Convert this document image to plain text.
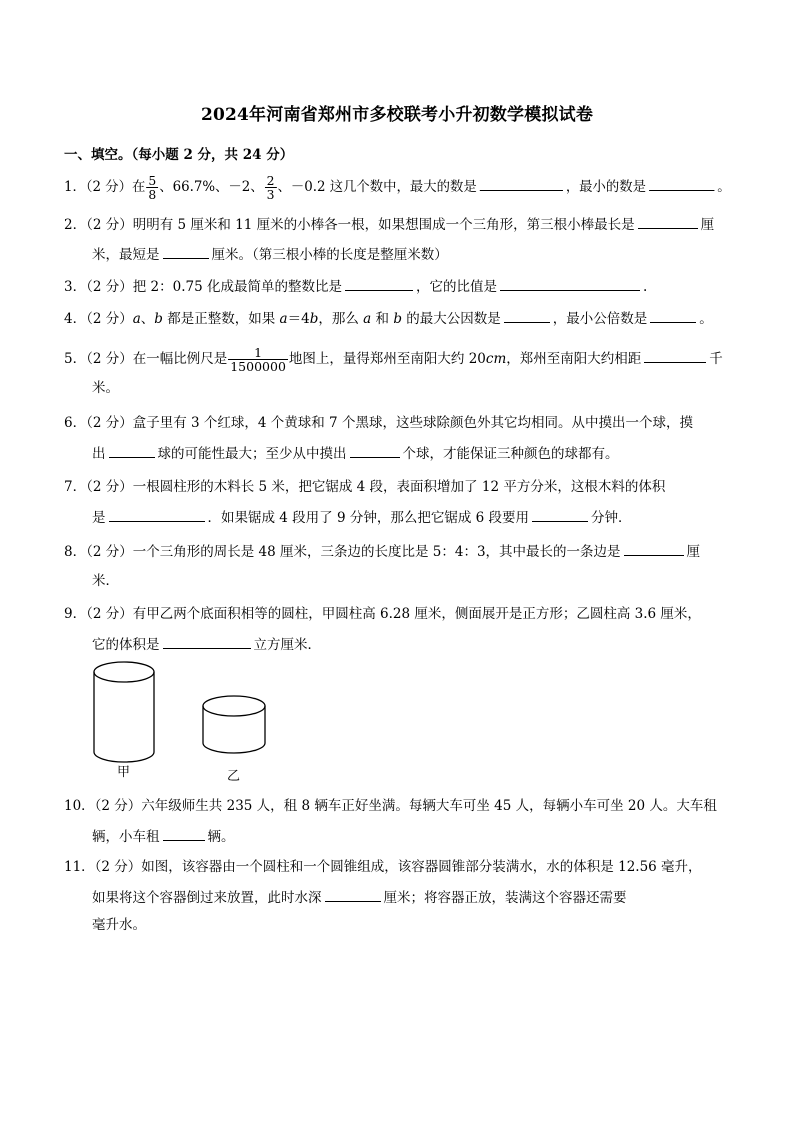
2024年河南省郑州市多校联考小升初数学模拟试卷
一、填空。（每小题 2 分，共 24 分）
1．（2 分）在 $\frac{5}{8}$ 、66.7%、－2、 $\frac{2}{3}$ 、－0.2 这几个数中，最大的数是	，最小的数是	。
2．（2 分）明明有 5 厘米和 11 厘米的小棒各一根，如果想围成一个三角形，第三根小棒最长是	厘
米，最短是	厘米。（第三根小棒的长度是整厘米数）
3．（2 分）把 2：0.75 化成最简单的整数比是	，它的比值是	.
4．（2 分）a、b 都是正整数，如果 a＝4b，那么 a 和 b 的最大公因数是	，最小公倍数是	。
5．（2 分）在一幅比例尺是 $\frac{1}{1500000}$ 地图上，量得郑州至南阳大约 20cm，郑州至南阳大约相距	千
米。
6．（2 分）盒子里有 3 个红球，4 个黄球和 7 个黑球，这些球除颜色外其它均相同。从中摸出一个球，摸
出	球的可能性最大；至少从中摸出	个球，才能保证三种颜色的球都有。
7．（2 分）一根圆柱形的木料长 5 米，把它锯成 4 段，表面积增加了 12 平方分米，这根木料的体积
是	．如果锯成 4 段用了 9 分钟，那么把它锯成 6 段要用	分钟．
8．（2 分）一个三角形的周长是 48 厘米，三条边的长度比是 5：4：3，其中最长的一条边是	厘
米．
9．（2 分）有甲乙两个底面积相等的圆柱，甲圆柱高 6.28 厘米，侧面展开是正方形；乙圆柱高 3.6 厘米，
它的体积是	立方厘米．
甲	乙
10．（2 分）六年级师生共 235 人，租 8 辆车正好坐满。每辆大车可坐 45 人，每辆小车可坐 20 人。大车租
辆，小车租	辆。
11．（2 分）如图，该容器由一个圆柱和一个圆锥组成，该容器圆锥部分装满水，水的体积是 12.56 毫升，
如果将这个容器倒过来放置，此时水深	厘米；将容器正放，装满这个容器还需要
毫升水。
